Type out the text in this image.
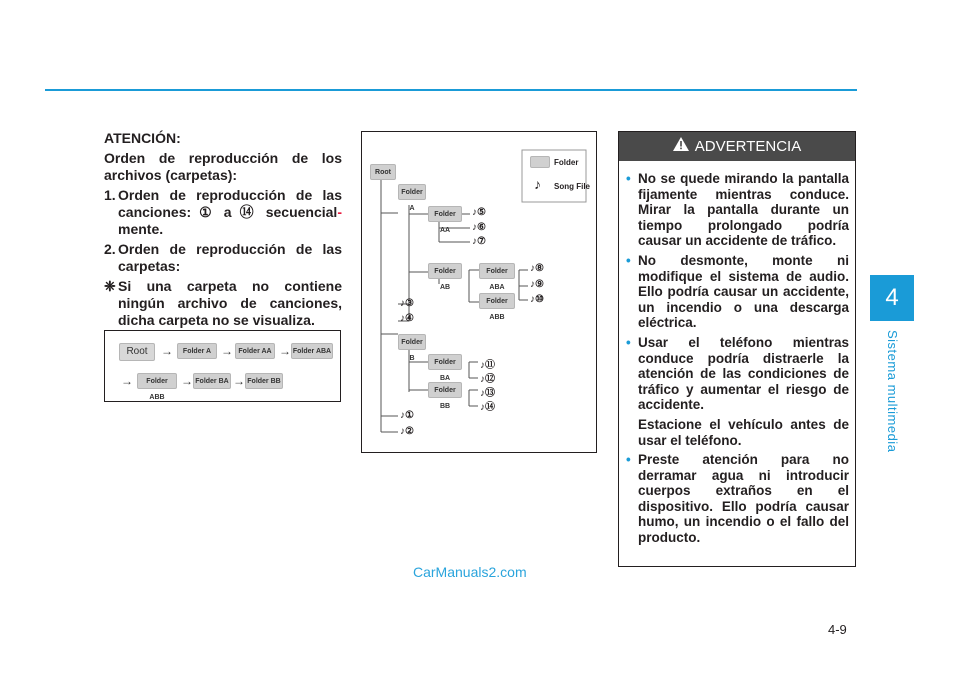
4
Sistema multimedia
4-9

ATENCIÓN:

Orden de reproducción de los archivos (carpetas):

1. Orden de reproducción de las canciones: ① a ⑭ secuencial- mente.
2. Orden de reproducción de las carpetas:
❈ Si una carpeta no contiene ningún archivo de canciones, dicha carpeta no se visualiza.
Root	→	Folder A → Folder AA → Folder ABA
→	Folder ABB
→ Folder BA → Folder BB
Folder
♪ Song File
Root
Folder A
Folder AA
Folder AB
Folder ABA
Folder ABB
Folder B
Folder BA
Folder BB
♪⑤
♪⑥
♪⑦
♪⑧
♪⑨
♪⑩
♪③
♪④
♪⑪
♪⑫
♪⑬
♪⑭
♪①
♪②
ADVERTENCIA
• No se quede mirando la pantalla fijamente mientras conduce. Mirar la pantalla durante un tiempo prolongado podría causar un accidente de tráfico.
• No desmonte, monte ni modifique el sistema de audio. Ello podría causar un accidente, un incendio o una descarga eléctrica.
• Usar el teléfono mientras conduce podría distraerle la atención de las condiciones de tráfico y aumentar el riesgo de accidente.
Estacione el vehículo antes de usar el teléfono.
• Preste atención para no derramar agua ni introducir cuerpos extraños en el dispositivo. Ello podría causar humo, un incendio o el fallo del producto.
CarManuals2.com
